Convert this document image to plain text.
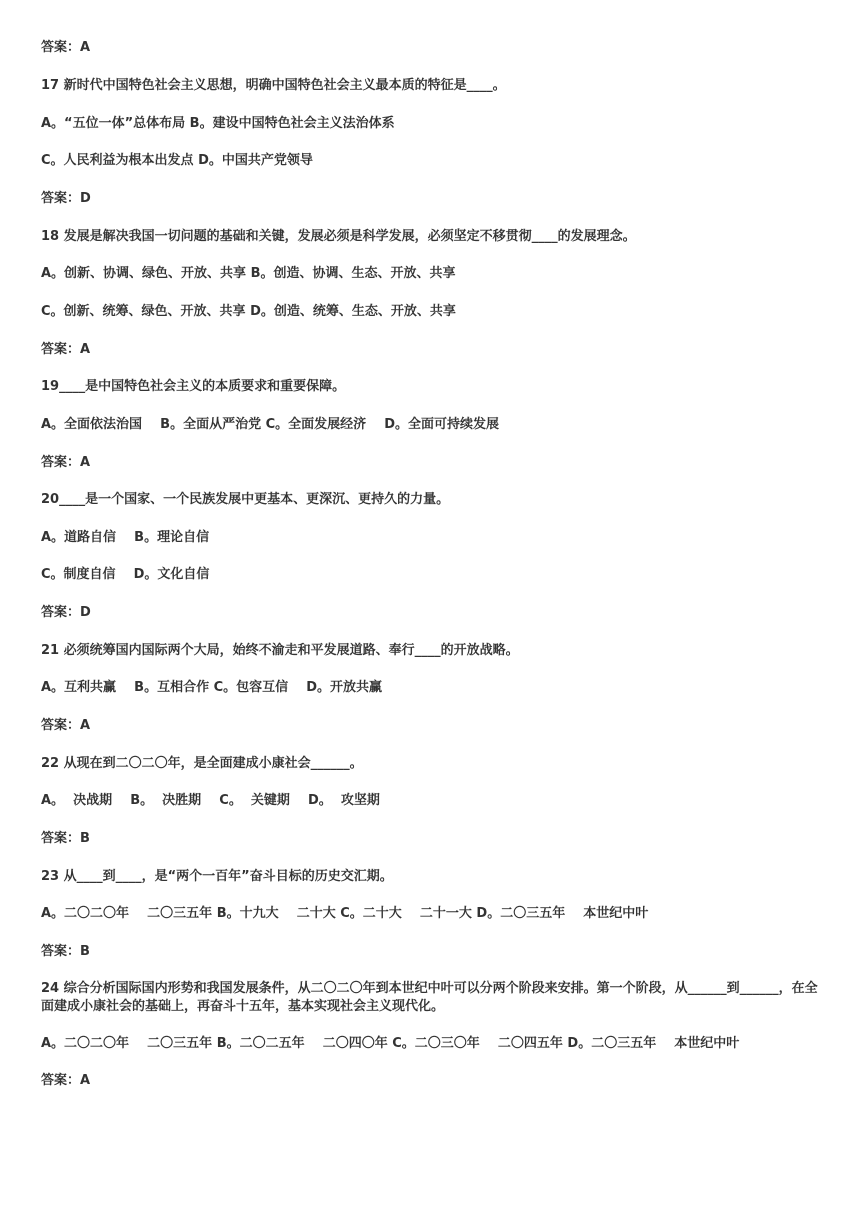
答案：A
17 新时代中国特色社会主义思想，明确中国特色社会主义最本质的特征是____。
A。“五位一体”总体布局 B。建设中国特色社会主义法治体系
C。人民利益为根本出发点 D。中国共产党领导
答案：D
18 发展是解决我国一切问题的基础和关键，发展必须是科学发展，必须坚定不移贯彻____的发展理念。
A。创新、协调、绿色、开放、共享 B。创造、协调、生态、开放、共享
C。创新、统筹、绿色、开放、共享 D。创造、统筹、生态、开放、共享
答案：A
19____是中国特色社会主义的本质要求和重要保障。
A。全面依法治国    B。全面从严治党 C。全面发展经济    D。全面可持续发展
答案：A
20____是一个国家、一个民族发展中更基本、更深沉、更持久的力量。
A。道路自信    B。理论自信
C。制度自信    D。文化自信
答案：D
21 必须统筹国内国际两个大局，始终不渝走和平发展道路、奉行____的开放战略。
A。互利共赢    B。互相合作 C。包容互信    D。开放共赢
答案：A
22 从现在到二〇二〇年，是全面建成小康社会______。
A。  决战期    B。  决胜期    C。  关键期    D。  攻坚期
答案：B
23 从____到____，是“两个一百年”奋斗目标的历史交汇期。
A。二〇二〇年    二〇三五年 B。十九大    二十大 C。二十大    二十一大 D。二〇三五年    本世纪中叶
答案：B
24 综合分析国际国内形势和我国发展条件，从二〇二〇年到本世纪中叶可以分两个阶段来安排。第一个阶段，从______到______，在全面建成小康社会的基础上，再奋斗十五年，基本实现社会主义现代化。
A。二〇二〇年    二〇三五年 B。二〇二五年    二〇四〇年 C。二〇三〇年    二〇四五年 D。二〇三五年    本世纪中叶
答案：A
